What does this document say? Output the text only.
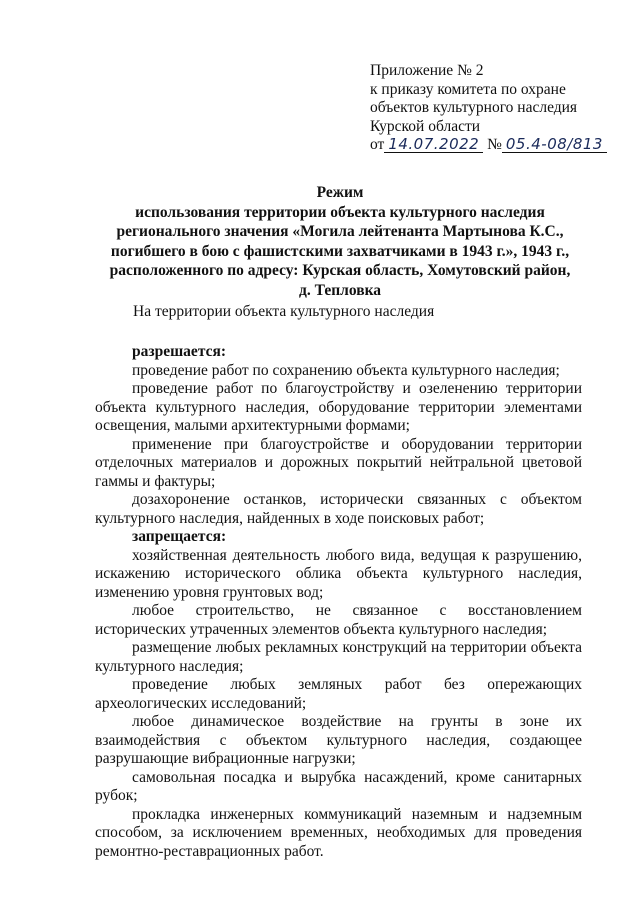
Приложение № 2
к приказу комитета по охране
объектов культурного наследия
Курской области
от 14.07.2022 № 05.4-08/813
Режим
использования территории объекта культурного наследия
регионального значения «Могила лейтенанта Мартынова К.С.,
погибшего в бою с фашистскими захватчиками в 1943 г.», 1943 г.,
расположенного по адресу: Курская область, Хомутовский район,
д. Тепловка
На территории объекта культурного наследия

разрешается:

проведение работ по сохранению объекта культурного наследия;

проведение работ по благоустройству и озеленению территории объекта культурного наследия, оборудование территории элементами освещения, малыми архитектурными формами;

применение при благоустройстве и оборудовании территории отделочных материалов и дорожных покрытий нейтральной цветовой гаммы и фактуры;

дозахоронение останков, исторически связанных с объектом культурного наследия, найденных в ходе поисковых работ;

запрещается:

хозяйственная деятельность любого вида, ведущая к разрушению, искажению исторического облика объекта культурного наследия, изменению уровня грунтовых вод;

любое строительство, не связанное с восстановлением исторических утраченных элементов объекта культурного наследия;

размещение любых рекламных конструкций на территории объекта культурного наследия;

проведение любых земляных работ без опережающих археологических исследований;

любое динамическое воздействие на грунты в зоне их взаимодействия с объектом культурного наследия, создающее разрушающие вибрационные нагрузки;

самовольная посадка и вырубка насаждений, кроме санитарных рубок;

прокладка инженерных коммуникаций наземным и надземным способом, за исключением временных, необходимых для проведения ремонтно-реставрационных работ.
